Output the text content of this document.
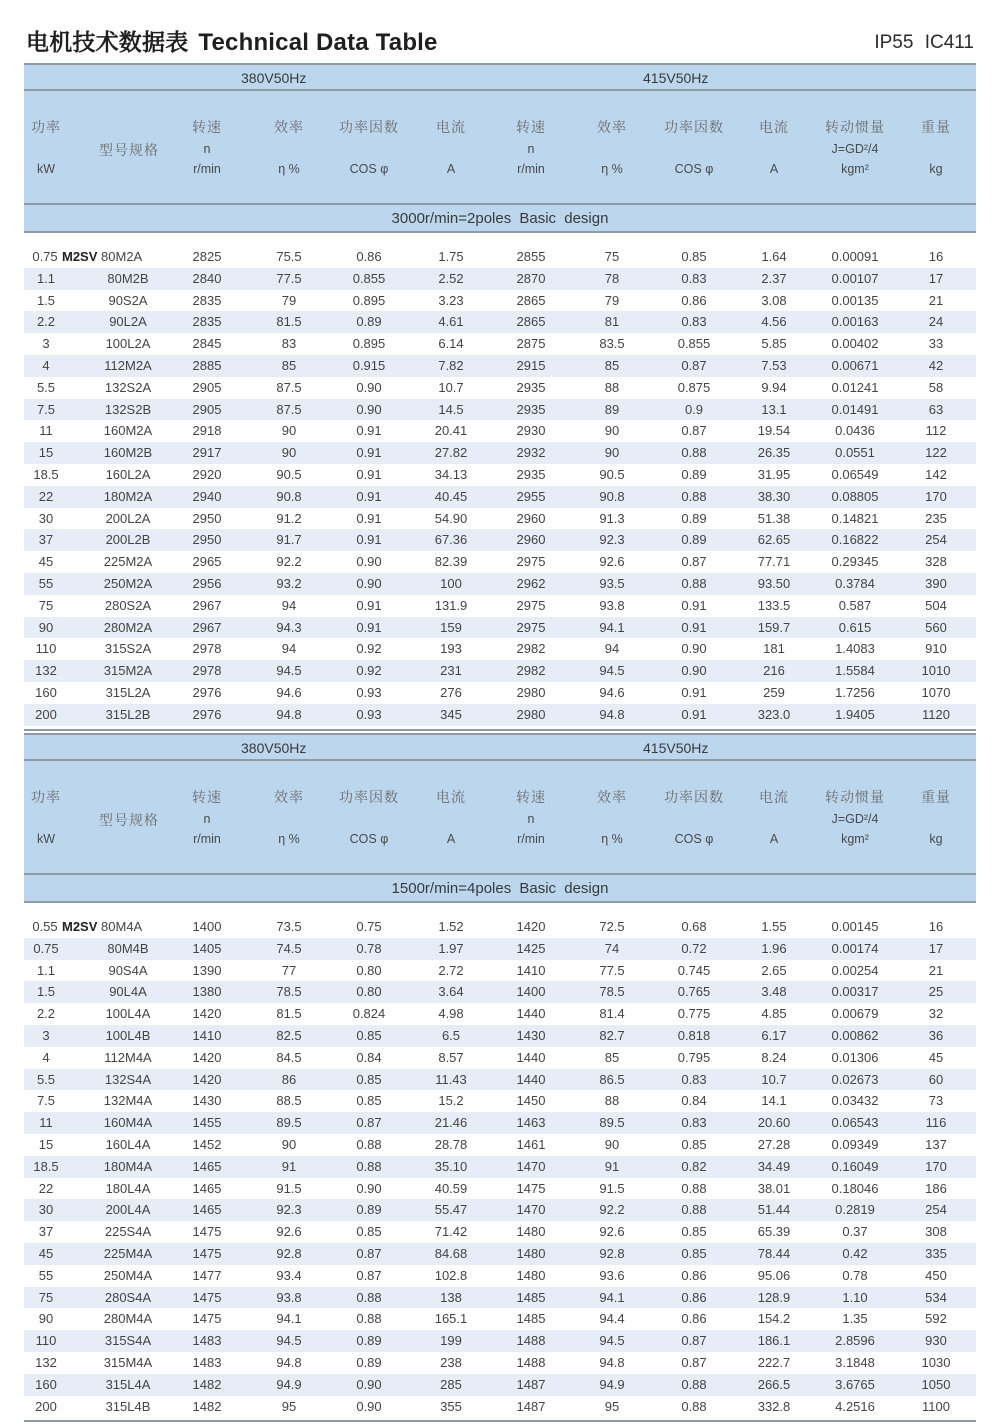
电机技术数据表 Technical Data Table	IP55 IC411
380V50Hz	415V50Hz
功率
kW
型号规格
转速
n
r/min
效率
η %
功率因数
COS φ
电流
A
转速
n
r/min
效率
η %
功率因数
COS φ
电流
A
转动惯量
J=GD²/4
kgm²
重量
kg
3000r/min=2poles Basic design
0.75 M2SV 80M2A	2825	75.5	0.86	1.75	2855	75	0.85	1.64	0.00091	16
1.1	80M2B	2840	77.5	0.855	2.52	2870	78	0.83	2.37	0.00107	17
1.5	90S2A	2835	79	0.895	3.23	2865	79	0.86	3.08	0.00135	21
2.2	90L2A	2835	81.5	0.89	4.61	2865	81	0.83	4.56	0.00163	24
3	100L2A	2845	83	0.895	6.14	2875	83.5	0.855	5.85	0.00402	33
4	112M2A	2885	85	0.915	7.82	2915	85	0.87	7.53	0.00671	42
5.5	132S2A	2905	87.5	0.90	10.7	2935	88	0.875	9.94	0.01241	58
7.5	132S2B	2905	87.5	0.90	14.5	2935	89	0.9	13.1	0.01491	63
11	160M2A	2918	90	0.91	20.41	2930	90	0.87	19.54	0.0436	112
15	160M2B	2917	90	0.91	27.82	2932	90	0.88	26.35	0.0551	122
18.5	160L2A	2920	90.5	0.91	34.13	2935	90.5	0.89	31.95	0.06549	142
22	180M2A	2940	90.8	0.91	40.45	2955	90.8	0.88	38.30	0.08805	170
30	200L2A	2950	91.2	0.91	54.90	2960	91.3	0.89	51.38	0.14821	235
37	200L2B	2950	91.7	0.91	67.36	2960	92.3	0.89	62.65	0.16822	254
45	225M2A	2965	92.2	0.90	82.39	2975	92.6	0.87	77.71	0.29345	328
55	250M2A	2956	93.2	0.90	100	2962	93.5	0.88	93.50	0.3784	390
75	280S2A	2967	94	0.91	131.9	2975	93.8	0.91	133.5	0.587	504
90	280M2A	2967	94.3	0.91	159	2975	94.1	0.91	159.7	0.615	560
110	315S2A	2978	94	0.92	193	2982	94	0.90	181	1.4083	910
132	315M2A	2978	94.5	0.92	231	2982	94.5	0.90	216	1.5584	1010
160	315L2A	2976	94.6	0.93	276	2980	94.6	0.91	259	1.7256	1070
200	315L2B	2976	94.8	0.93	345	2980	94.8	0.91	323.0	1.9405	1120
380V50Hz	415V50Hz
功率
kW
型号规格
转速
n
r/min
效率
η %
功率因数
COS φ
电流
A
转速
n
r/min
效率
η %
功率因数
COS φ
电流
A
转动惯量
J=GD²/4
kgm²
重量
kg
1500r/min=4poles Basic design
0.55 M2SV 80M4A	1400	73.5	0.75	1.52	1420	72.5	0.68	1.55	0.00145	16
0.75	80M4B	1405	74.5	0.78	1.97	1425	74	0.72	1.96	0.00174	17
1.1	90S4A	1390	77	0.80	2.72	1410	77.5	0.745	2.65	0.00254	21
1.5	90L4A	1380	78.5	0.80	3.64	1400	78.5	0.765	3.48	0.00317	25
2.2	100L4A	1420	81.5	0.824	4.98	1440	81.4	0.775	4.85	0.00679	32
3	100L4B	1410	82.5	0.85	6.5	1430	82.7	0.818	6.17	0.00862	36
4	112M4A	1420	84.5	0.84	8.57	1440	85	0.795	8.24	0.01306	45
5.5	132S4A	1420	86	0.85	11.43	1440	86.5	0.83	10.7	0.02673	60
7.5	132M4A	1430	88.5	0.85	15.2	1450	88	0.84	14.1	0.03432	73
11	160M4A	1455	89.5	0.87	21.46	1463	89.5	0.83	20.60	0.06543	116
15	160L4A	1452	90	0.88	28.78	1461	90	0.85	27.28	0.09349	137
18.5	180M4A	1465	91	0.88	35.10	1470	91	0.82	34.49	0.16049	170
22	180L4A	1465	91.5	0.90	40.59	1475	91.5	0.88	38.01	0.18046	186
30	200L4A	1465	92.3	0.89	55.47	1470	92.2	0.88	51.44	0.2819	254
37	225S4A	1475	92.6	0.85	71.42	1480	92.6	0.85	65.39	0.37	308
45	225M4A	1475	92.8	0.87	84.68	1480	92.8	0.85	78.44	0.42	335
55	250M4A	1477	93.4	0.87	102.8	1480	93.6	0.86	95.06	0.78	450
75	280S4A	1475	93.8	0.88	138	1485	94.1	0.86	128.9	1.10	534
90	280M4A	1475	94.1	0.88	165.1	1485	94.4	0.86	154.2	1.35	592
110	315S4A	1483	94.5	0.89	199	1488	94.5	0.87	186.1	2.8596	930
132	315M4A	1483	94.8	0.89	238	1488	94.8	0.87	222.7	3.1848	1030
160	315L4A	1482	94.9	0.90	285	1487	94.9	0.88	266.5	3.6765	1050
200	315L4B	1482	95	0.90	355	1487	95	0.88	332.8	4.2516	1100
